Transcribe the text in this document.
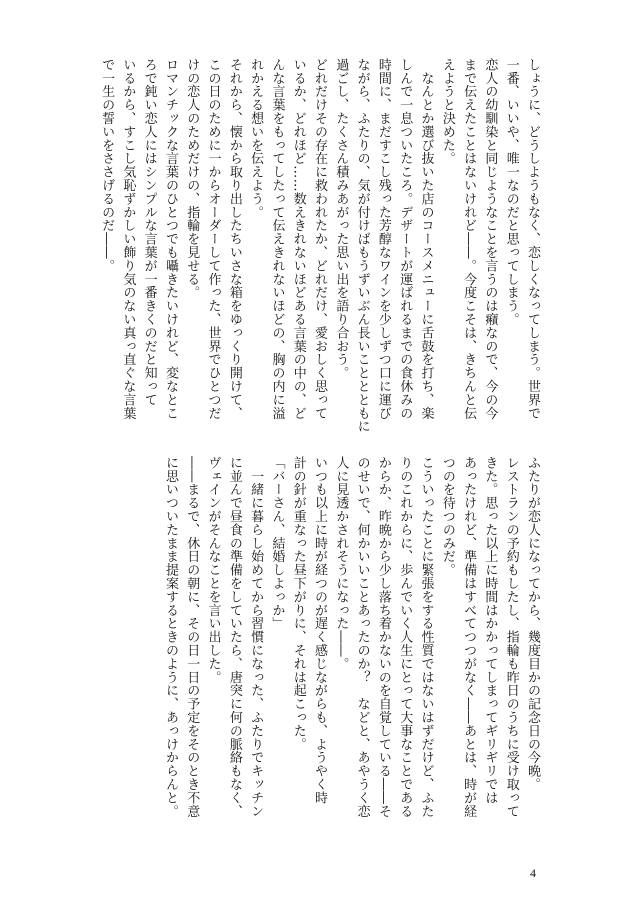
しょうに、どうしようもなく、恋しくなってしまう。世界で

一番、いいや、唯一なのだと思ってしまう。

恋人の幼馴染と同じようなことを言うのは癪なので、今の今

まで伝えたことはないけれど――。今度こそは、きちんと伝

えようと決めた。

　なんとか選び抜いた店のコースメニューに舌鼓を打ち、楽

しんで一息ついたころ。デザートが運ばれるまでの食休みの

時間に、まだすこし残った芳醇なワインを少しずつ口に運び

ながら、ふたりの、気が付けばもうずいぶん長いこととともに

過ごし、たくさん積みあがった思い出を語り合おう。

どれだけその存在に救われたか、どれだけ、愛おしく思って

いるか、どれほど……数えきれないほどある言葉の中の、ど

んな言葉をもってしたって伝えきれないほどの、胸の内に溢

れかえる想いを伝えよう。

それから、懐から取り出したちいさな箱をゆっくり開けて、

この日のために一からオーダーして作った、世界でひとつだ

けの恋人のためだけの、指輪を見せる。

ロマンチックな言葉のひとつでも囁きたいけれど、変なとこ

ろで鈍い恋人にはシンプルな言葉が一番きくのだと知って

いるから、すこし気恥ずかしい飾り気のない真っ直ぐな言葉

で一生の誓いをささげるのだ――。

ふたりが恋人になってから、幾度目かの記念日の今晩。

レストランの予約もしたし、指輪も昨日のうちに受け取って

きた。思った以上に時間はかかってしまってギリギリでは

あったけれど、準備はすべてつつがなく――あとは、時が経

つのを待つのみだ。

こういったことに緊張をする性質ではないはずだけど、ふた

りのこれからに、歩んでいく人生にとって大事なことである

からか、昨晩から少し落ち着かないのを自覚している――そ

のせいで、何かいいことあったのか？　などと、あやうく恋

人に見透かされそうになった――。

いつも以上に時が経つのが遅く感じながらも、ようやく時

計の針が重なった昼下がりに、それは起こった。

「バーさん、結婚しよっか」

　一緒に暮らし始めてから習慣になった、ふたりでキッチン

に並んで昼食の準備をしていたら、唐突に何の脈絡もなく、

ヴェインがそんなことを言い出した。

――まるで、休日の朝に、その日一日の予定をそのとき不意

に思いついたまま提案するときのように、あっけからんと。

4
